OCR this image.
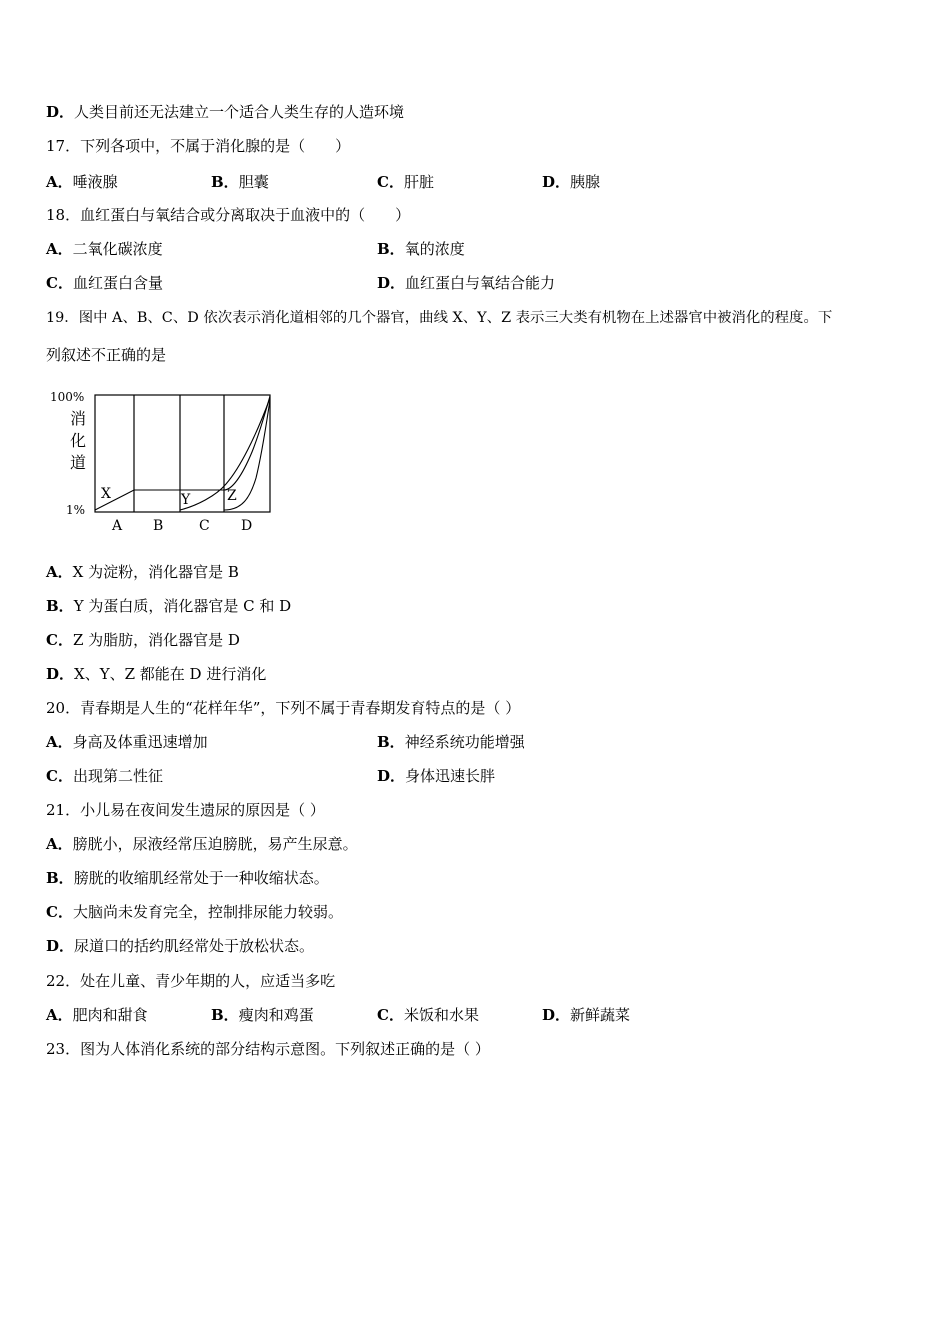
D．人类目前还无法建立一个适合人类生存的人造环境
17．下列各项中，不属于消化腺的是（　　）
A．唾液腺	B．胆囊	C．肝脏	D．胰腺
18．血红蛋白与氧结合或分离取决于血液中的（　　）
A．二氧化碳浓度	B．氧的浓度
C．血红蛋白含量	D．血红蛋白与氧结合能力
19．图中 A、B、C、D 依次表示消化道相邻的几个器官，曲线 X、Y、Z 表示三大类有机物在上述器官中被消化的程度。下
列叙述不正确的是
100%
1%
消
化
道
X	Y	Z
A B	C D
A．X 为淀粉，消化器官是 B
B．Y 为蛋白质，消化器官是 C 和 D
C．Z 为脂肪，消化器官是 D
D．X、Y、Z 都能在 D 进行消化
20．青春期是人生的“花样年华”，下列不属于青春期发育特点的是（ ）
A．身高及体重迅速增加	B．神经系统功能增强
C．出现第二性征	D．身体迅速长胖
21．小儿易在夜间发生遗尿的原因是（ ）
A．膀胱小，尿液经常压迫膀胱，易产生尿意。
B．膀胱的收缩肌经常处于一种收缩状态。
C．大脑尚未发育完全，控制排尿能力较弱。
D．尿道口的括约肌经常处于放松状态。
22．处在儿童、青少年期的人，应适当多吃
A．肥肉和甜食	B．瘦肉和鸡蛋	C．米饭和水果	D．新鲜蔬菜
23．图为人体消化系统的部分结构示意图。下列叙述正确的是（ ）
